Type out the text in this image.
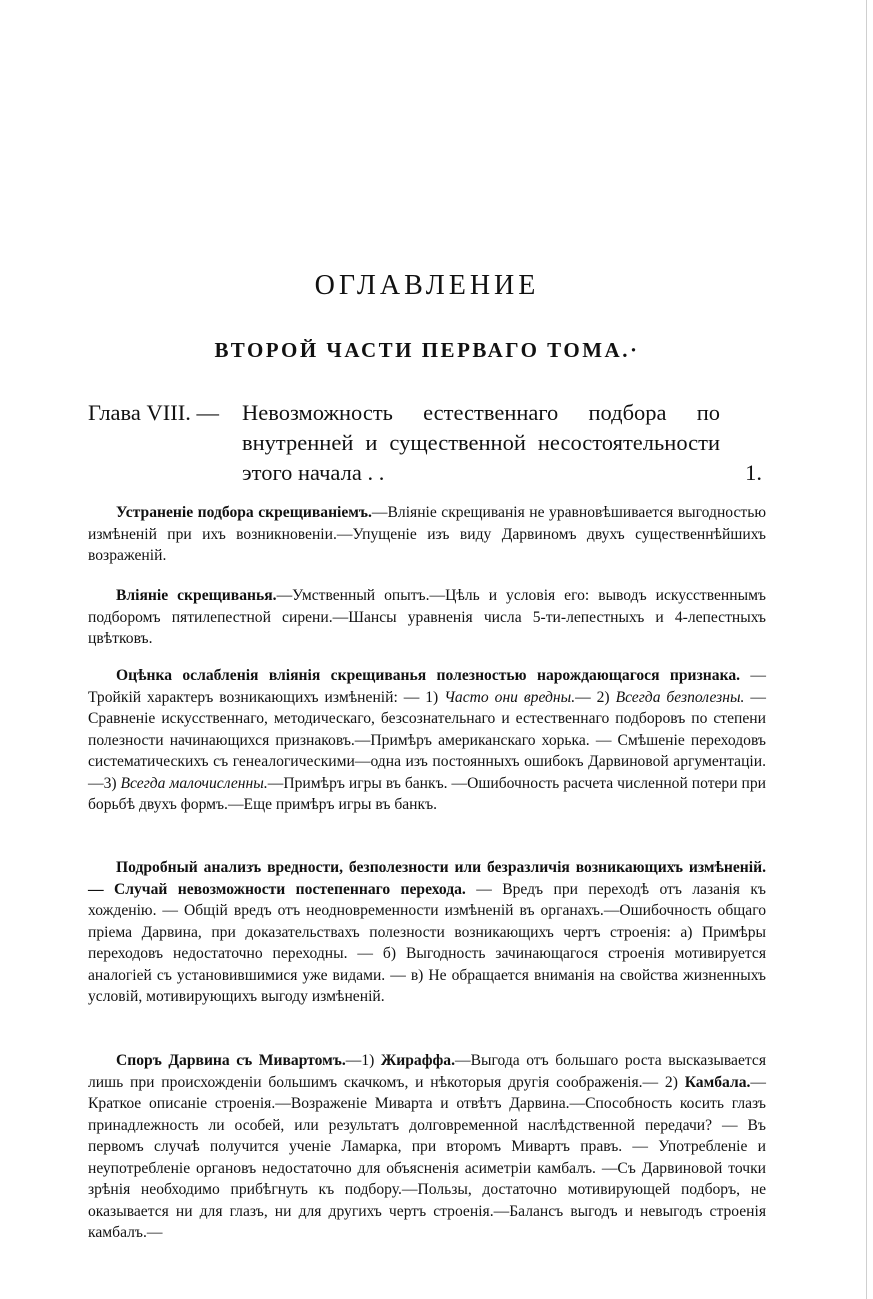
ОГЛАВЛЕНИЕ
ВТОРОЙ ЧАСТИ ПЕРВАГО ТОМА.·
Глава VIII. — Невозможность естественнаго подбора по внутренней и существенной несостоятельности этого начала . .	1.

Устраненіе подбора скрещиваніемъ.—Вліяніе скрещиванія не уравновѣшивается выгодностью измѣненій при ихъ возникновеніи.—Упущеніе изъ виду Дарвиномъ двухъ существеннѣйшихъ возраженій.

Вліяніе скрещиванья.—Умственный опытъ.—Цѣль и условія его: выводъ искусственнымъ подборомъ пятилепестной сирени.—Шансы уравненія числа 5-ти-лепестныхъ и 4-лепестныхъ цвѣтковъ.

Оцѣнка ослабленія вліянія скрещиванья полезностью нарождающагося признака. — Тройкій характеръ возникающихъ измѣненій: — 1) Часто они вредны.— 2) Всегда безполезны. — Сравненіе искусственнаго, методическаго, безсознательнаго и естественнаго подборовъ по степени полезности начинающихся признаковъ.—Примѣръ американскаго хорька. — Смѣшеніе переходовъ систематическихъ съ генеалогическими—одна изъ постоянныхъ ошибокъ Дарвиновой аргументаціи.—3) Всегда малочисленны.—Примѣръ игры въ банкъ. —Ошибочность расчета численной потери при борьбѣ двухъ формъ.—Еще примѣръ игры въ банкъ.

Подробный анализъ вредности, безполезности или безразличія возникающихъ измѣненій. — Случай невозможности постепеннаго перехода. — Вредъ при переходѣ отъ лазанія къ хожденію. — Общій вредъ отъ неодновременности измѣненій въ органахъ.—Ошибочность общаго пріема Дарвина, при доказательствахъ полезности возникающихъ чертъ строенія: а) Примѣры переходовъ недостаточно переходны. — б) Выгодность зачинающагося строенія мотивируется аналогіей съ установившимися уже видами. — в) Не обращается вниманія на свойства жизненныхъ условій, мотивирующихъ выгоду измѣненій.

Споръ Дарвина съ Мивартомъ.—1) Жираффа.—Выгода отъ большаго роста высказывается лишь при происхожденіи большимъ скачкомъ, и нѣкоторыя другія соображенія.— 2) Камбала.—Краткое описаніе строенія.—Возраженіе Миварта и отвѣтъ Дарвина.—Способность косить глазъ принадлежность ли особей, или результатъ долговременной наслѣдственной передачи? — Въ первомъ случаѣ получится ученіе Ламарка, при второмъ Мивартъ правъ. — Употребленіе и неупотребленіе органовъ недостаточно для объясненія асиметріи камбалъ. —Съ Дарвиновой точки зрѣнія необходимо прибѣгнуть къ подбору.—Пользы, достаточно мотивирующей подборъ, не оказывается ни для глазъ, ни для другихъ чертъ строенія.—Балансъ выгодъ и невыгодъ строенія камбалъ.—
